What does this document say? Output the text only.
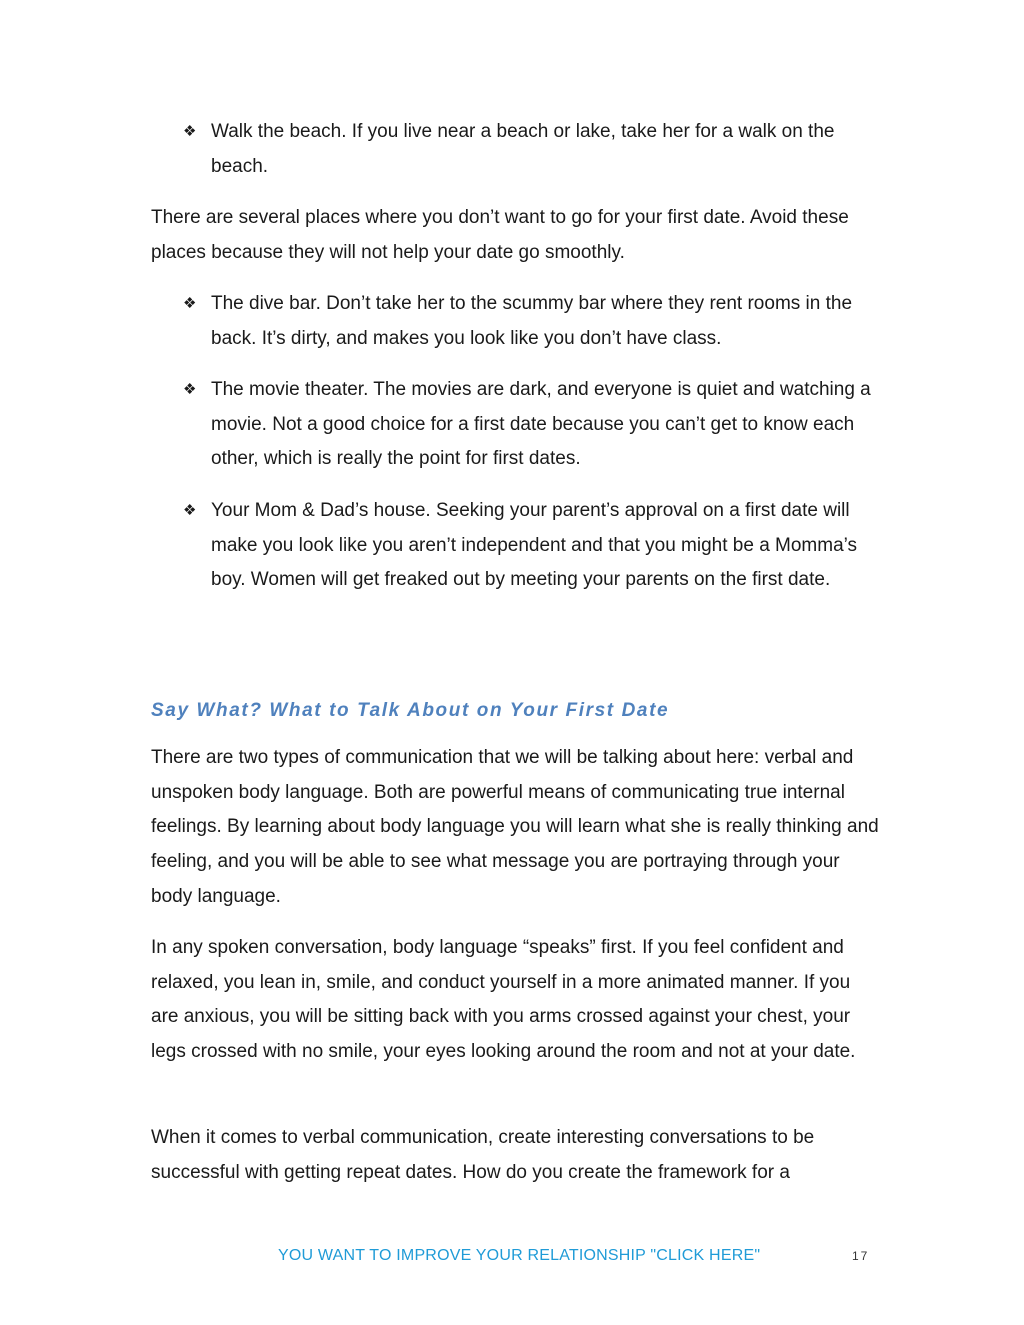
❖ Walk the beach. If you live near a beach or lake, take her for a walk on the beach.

There are several places where you don’t want to go for your first date. Avoid these places because they will not help your date go smoothly.

❖ The dive bar. Don’t take her to the scummy bar where they rent rooms in the back. It’s dirty, and makes you look like you don’t have class.

❖ The movie theater. The movies are dark, and everyone is quiet and watching a movie. Not a good choice for a first date because you can’t get to know each other, which is really the point for first dates.

❖ Your Mom & Dad’s house. Seeking your parent’s approval on a first date will make you look like you aren’t independent and that you might be a Momma’s boy. Women will get freaked out by meeting your parents on the first date.

Say What? What to Talk About on Your First Date

There are two types of communication that we will be talking about here: verbal and unspoken body language. Both are powerful means of communicating true internal feelings. By learning about body language you will learn what she is really thinking and feeling, and you will be able to see what message you are portraying through your body language.

In any spoken conversation, body language “speaks” first. If you feel confident and relaxed, you lean in, smile, and conduct yourself in a more animated manner. If you are anxious, you will be sitting back with you arms crossed against your chest, your legs crossed with no smile, your eyes looking around the room and not at your date.

When it comes to verbal communication, create interesting conversations to be successful with getting repeat dates. How do you create the framework for a

YOU WANT TO IMPROVE YOUR RELATIONSHIP "CLICK HERE"	17
